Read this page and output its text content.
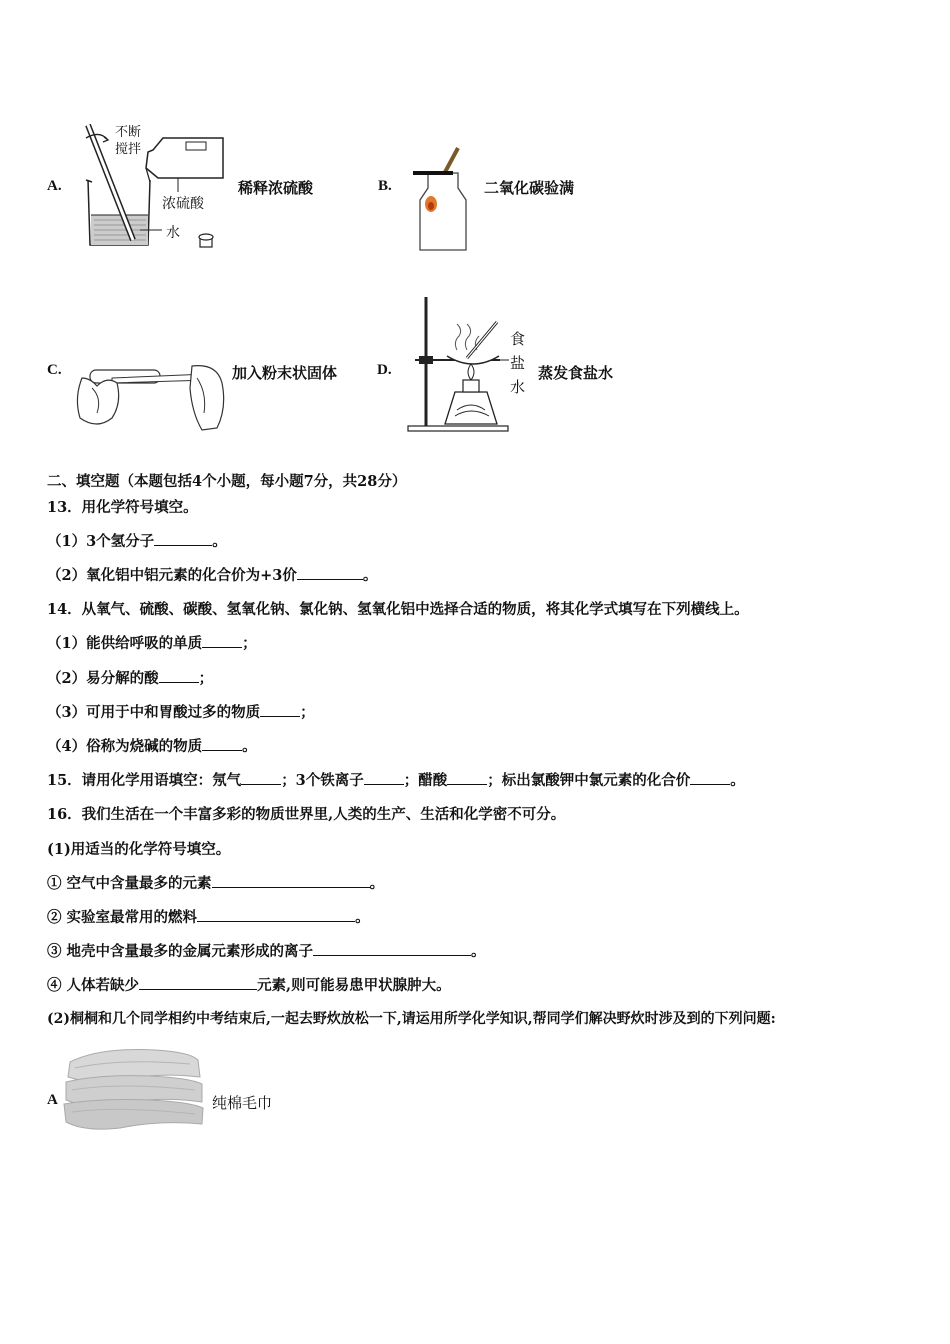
A.
不断
搅拌
浓硫酸
水
稀释浓硫酸	B.	二氧化碳验满
C.	加入粉末状固体	D.
食
盐
水
蒸发食盐水
二、填空题（本题包括4个小题，每小题7分，共28分）
13．用化学符号填空。
（1）3个氢分子	。
（2）氧化铝中铝元素的化合价为+3价	。
14．从氧气、硫酸、碳酸、氢氧化钠、氯化钠、氢氧化铝中选择合适的物质，将其化学式填写在下列横线上。
（1）能供给呼吸的单质	；
（2）易分解的酸	；
（3）可用于中和胃酸过多的物质	；
（4）俗称为烧碱的物质	。
15．请用化学用语填空：氖气	；3个铁离子	；醋酸	；标出氯酸钾中氯元素的化合价	。
16．我们生活在一个丰富多彩的物质世界里,人类的生产、生活和化学密不可分。
(1)用适当的化学符号填空。
① 空气中含量最多的元素	。
② 实验室最常用的燃料	。
③ 地壳中含量最多的金属元素形成的离子	。
④ 人体若缺少	元素,则可能易患甲状腺肿大。
(2)桐桐和几个同学相约中考结束后,一起去野炊放松一下,请运用所学化学知识,帮同学们解决野炊时涉及到的下列问题:
A	纯棉毛巾
